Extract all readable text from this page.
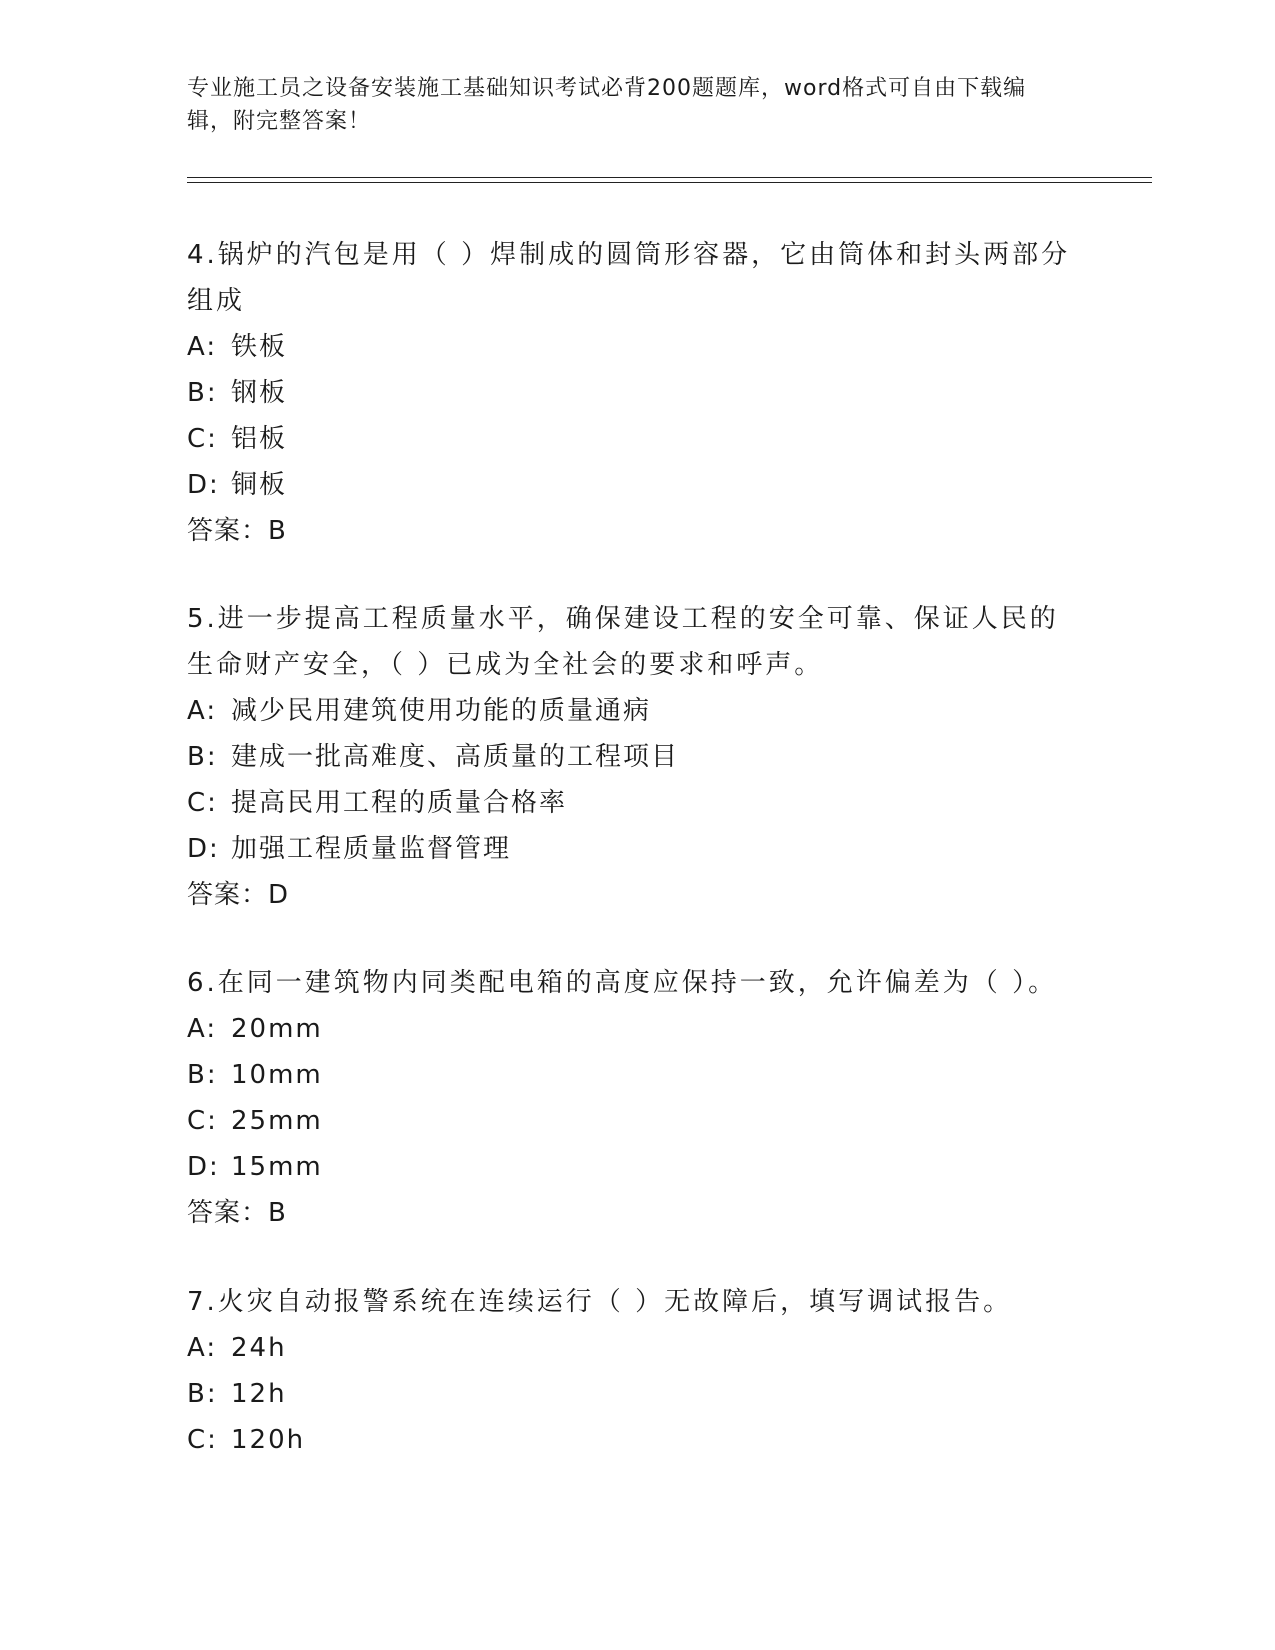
专业施工员之设备安装施工基础知识考试必背200题题库，word格式可自由下载编辑，附完整答案！

4.锅炉的汽包是用（ ）焊制成的圆筒形容器，它由筒体和封头两部分组成

A: 铁板

B: 钢板

C: 铝板

D: 铜板

答案：B

5.进一步提高工程质量水平，确保建设工程的安全可靠、保证人民的生命财产安全，（ ）已成为全社会的要求和呼声。

A: 减少民用建筑使用功能的质量通病

B: 建成一批高难度、高质量的工程项目

C: 提高民用工程的质量合格率

D: 加强工程质量监督管理

答案：D

6.在同一建筑物内同类配电箱的高度应保持一致，允许偏差为（ ）。

A: 20mm

B: 10mm

C: 25mm

D: 15mm

答案：B

7.火灾自动报警系统在连续运行（ ）无故障后，填写调试报告。

A: 24h

B: 12h

C: 120h
